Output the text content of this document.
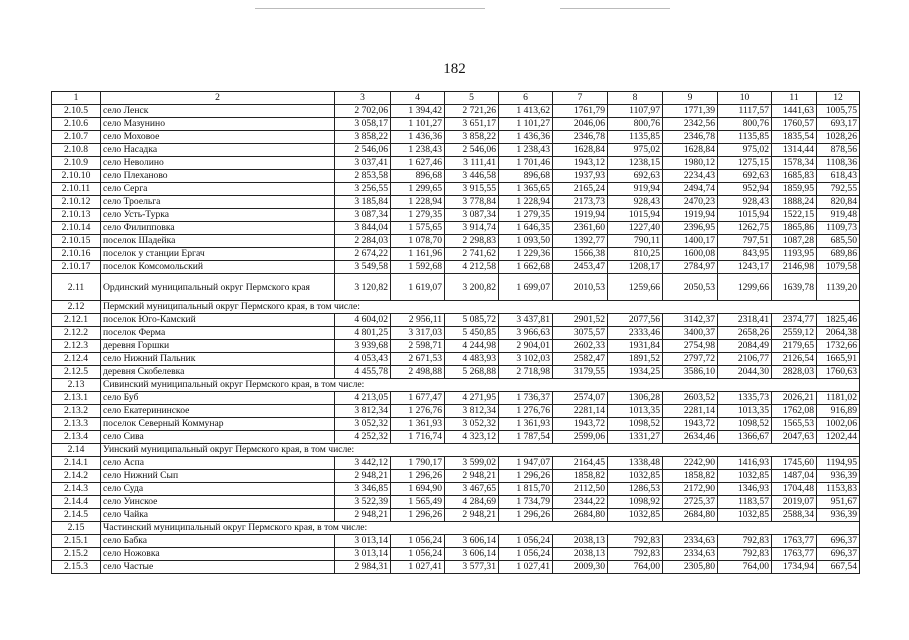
182
1	2	3	4	5	6	7	8	9	10	11	12
2.10.5	село Ленск	2 702,06	1 394,42	2 721,26	1 413,62	1761,79	1107,97	1771,39	1117,57	1441,63	1005,75
2.10.6	село Мазунино	3 058,17	1 101,27	3 651,17	1 101,27	2046,06	800,76	2342,56	800,76	1760,57	693,17
2.10.7	село Моховое	3 858,22	1 436,36	3 858,22	1 436,36	2346,78	1135,85	2346,78	1135,85	1835,54	1028,26
2.10.8	село Насадка	2 546,06	1 238,43	2 546,06	1 238,43	1628,84	975,02	1628,84	975,02	1314,44	878,56
2.10.9	село Неволино	3 037,41	1 627,46	3 111,41	1 701,46	1943,12	1238,15	1980,12	1275,15	1578,34	1108,36
2.10.10	село Плеханово	2 853,58	896,68	3 446,58	896,68	1937,93	692,63	2234,43	692,63	1685,83	618,43
2.10.11	село Серга	3 256,55	1 299,65	3 915,55	1 365,65	2165,24	919,94	2494,74	952,94	1859,95	792,55
2.10.12	село Троельга	3 185,84	1 228,94	3 778,84	1 228,94	2173,73	928,43	2470,23	928,43	1888,24	820,84
2.10.13	село Усть-Турка	3 087,34	1 279,35	3 087,34	1 279,35	1919,94	1015,94	1919,94	1015,94	1522,15	919,48
2.10.14	село Филипповка	3 844,04	1 575,65	3 914,74	1 646,35	2361,60	1227,40	2396,95	1262,75	1865,86	1109,73
2.10.15	поселок Шадейка	2 284,03	1 078,70	2 298,83	1 093,50	1392,77	790,11	1400,17	797,51	1087,28	685,50
2.10.16	поселок у станции Ергач	2 674,22	1 161,96	2 741,62	1 229,36	1566,38	810,25	1600,08	843,95	1193,95	689,86
2.10.17	поселок Комсомольский	3 549,58	1 592,68	4 212,58	1 662,68	2453,47	1208,17	2784,97	1243,17	2146,98	1079,58
2.11	Ординский муниципальный округ Пермского края	3 120,82	1 619,07	3 200,82	1 699,07	2010,53	1259,66	2050,53	1299,66	1639,78	1139,20
2.12	Пермский муниципальный округ Пермского края, в том числе:										
2.12.1	поселок Юго-Камский	4 604,02	2 956,11	5 085,72	3 437,81	2901,52	2077,56	3142,37	2318,41	2374,77	1825,46
2.12.2	поселок Ферма	4 801,25	3 317,03	5 450,85	3 966,63	3075,57	2333,46	3400,37	2658,26	2559,12	2064,38
2.12.3	деревня Горшки	3 939,68	2 598,71	4 244,98	2 904,01	2602,33	1931,84	2754,98	2084,49	2179,65	1732,66
2.12.4	село Нижний Пальник	4 053,43	2 671,53	4 483,93	3 102,03	2582,47	1891,52	2797,72	2106,77	2126,54	1665,91
2.12.5	деревня Скобелевка	4 455,78	2 498,88	5 268,88	2 718,98	3179,55	1934,25	3586,10	2044,30	2828,03	1760,63
2.13	Сивинский муниципальный округ Пермского края, в том числе:										
2.13.1	село Буб	4 213,05	1 677,47	4 271,95	1 736,37	2574,07	1306,28	2603,52	1335,73	2026,21	1181,02
2.13.2	село Екатерининское	3 812,34	1 276,76	3 812,34	1 276,76	2281,14	1013,35	2281,14	1013,35	1762,08	916,89
2.13.3	поселок Северный Коммунар	3 052,32	1 361,93	3 052,32	1 361,93	1943,72	1098,52	1943,72	1098,52	1565,53	1002,06
2.13.4	село Сива	4 252,32	1 716,74	4 323,12	1 787,54	2599,06	1331,27	2634,46	1366,67	2047,63	1202,44
2.14	Уинский муниципальный округ Пермского края, в том числе:										
2.14.1	село Аспа	3 442,12	1 790,17	3 599,02	1 947,07	2164,45	1338,48	2242,90	1416,93	1745,60	1194,95
2.14.2	село Нижний Сып	2 948,21	1 296,26	2 948,21	1 296,26	1858,82	1032,85	1858,82	1032,85	1487,04	936,39
2.14.3	село Суда	3 346,85	1 694,90	3 467,65	1 815,70	2112,50	1286,53	2172,90	1346,93	1704,48	1153,83
2.14.4	село Уинское	3 522,39	1 565,49	4 284,69	1 734,79	2344,22	1098,92	2725,37	1183,57	2019,07	951,67
2.14.5	село Чайка	2 948,21	1 296,26	2 948,21	1 296,26	2684,80	1032,85	2684,80	1032,85	2588,34	936,39
2.15	Частинский муниципальный округ Пермского края, в том числе:										
2.15.1	село Бабка	3 013,14	1 056,24	3 606,14	1 056,24	2038,13	792,83	2334,63	792,83	1763,77	696,37
2.15.2	село Ножовка	3 013,14	1 056,24	3 606,14	1 056,24	2038,13	792,83	2334,63	792,83	1763,77	696,37
2.15.3	село Частые	2 984,31	1 027,41	3 577,31	1 027,41	2009,30	764,00	2305,80	764,00	1734,94	667,54
